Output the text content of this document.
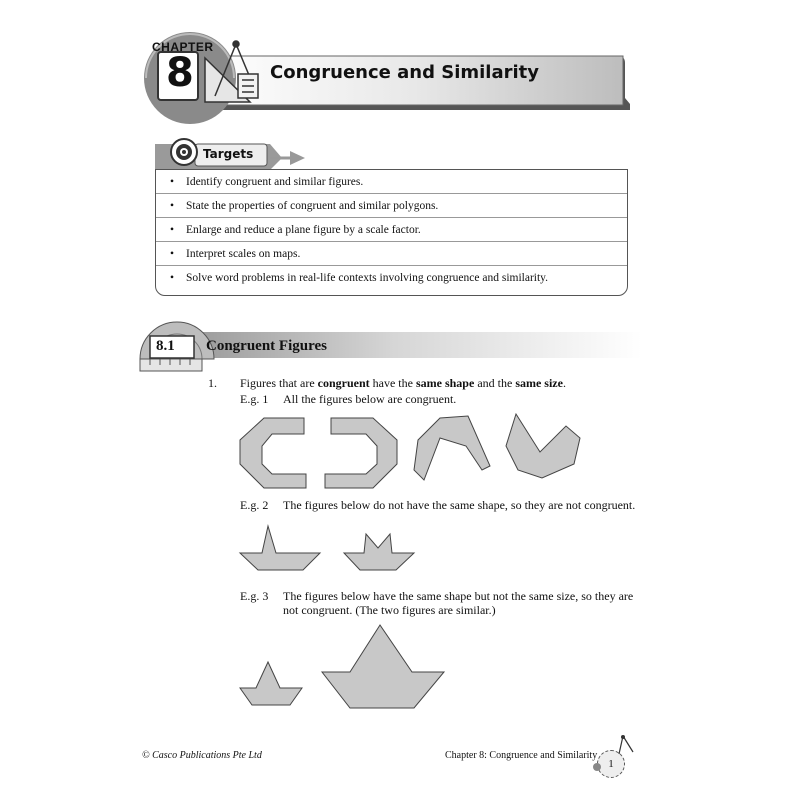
CHAPTER
8	Congruence and Similarity
Targets
• Identify congruent and similar figures.
• State the properties of congruent and similar polygons.
• Enlarge and reduce a plane figure by a scale factor.
• Interpret scales on maps.
• Solve word problems in real-life contexts involving congruence and similarity.
8.1 Congruent Figures
1. Figures that are congruent have the same shape and the same size.
E.g. 1 All the figures below are congruent.
E.g. 2 The figures below do not have the same shape, so they are not congruent.
E.g. 3 The figures below have the same shape but not the same size, so they are
not congruent. (The two figures are similar.)
© Casco Publications Pte Ltd	Chapter 8: Congruence and Similarity
1
